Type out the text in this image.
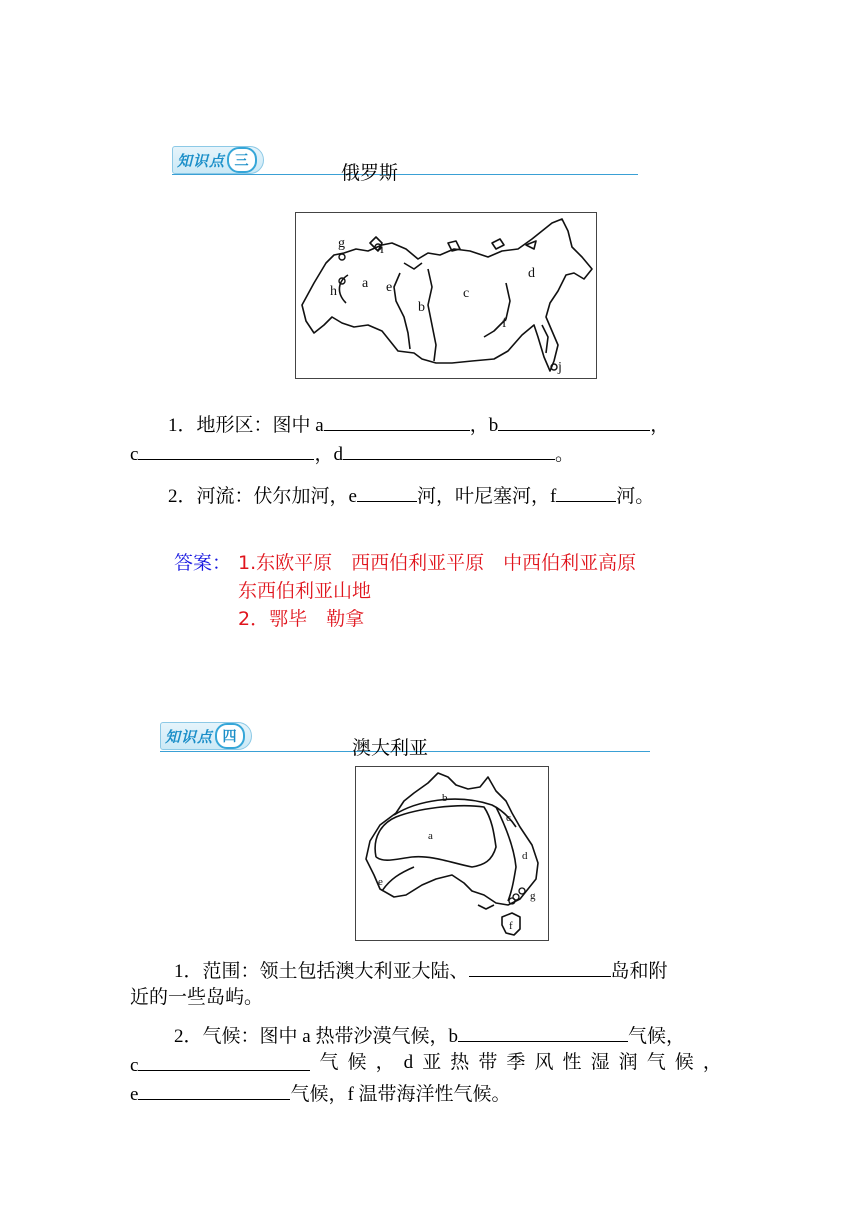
知识点 三
俄罗斯
g	i
a e
h
b
c
d
f
j
1．地形区：图中 a	，b	，
c	，d	。
2．河流：伏尔加河，e	河，叶尼塞河，f	河。
答案： 1.东欧平原　西西伯利亚平原　中西伯利亚高原
东西伯利亚山地
2．鄂毕　勒拿
知识点 四	澳大利亚
b
a
c
d
e
g
f
1．范围：领土包括澳大利亚大陆、	岛和附
近的一些岛屿。
2．气候：图中 a 热带沙漠气候，b	气候，
c	气 候 ， d 亚 热 带 季 风 性 湿 润 气 候 ，
e	气候，f 温带海洋性气候。
